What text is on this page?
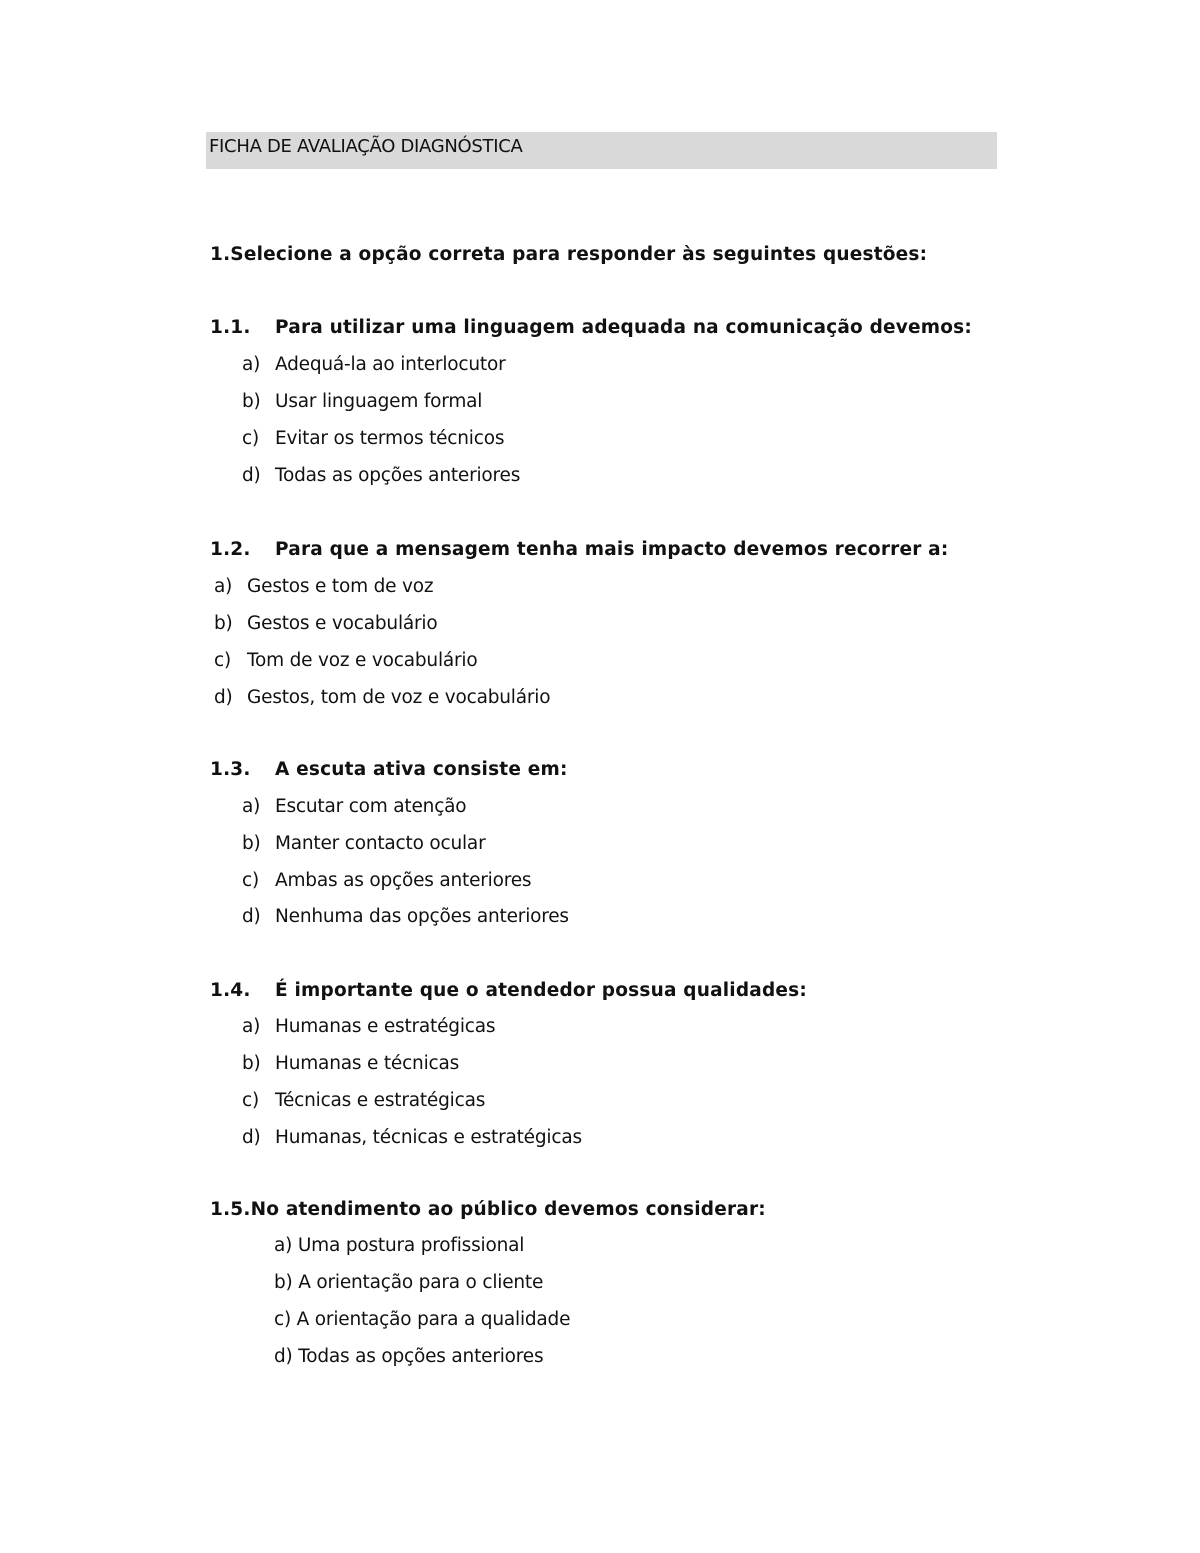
FICHA DE AVALIAÇÃO DIAGNÓSTICA
1.Selecione a opção correta para responder às seguintes questões:
1.1. Para utilizar uma linguagem adequada na comunicação devemos:
a) Adequá-la ao interlocutor
b) Usar linguagem formal
c) Evitar os termos técnicos
d) Todas as opções anteriores
1.2. Para que a mensagem tenha mais impacto devemos recorrer a:
a) Gestos e tom de voz
b) Gestos e vocabulário
c) Tom de voz e vocabulário
d) Gestos, tom de voz e vocabulário
1.3. A escuta ativa consiste em:
a) Escutar com atenção
b) Manter contacto ocular
c) Ambas as opções anteriores
d) Nenhuma das opções anteriores
1.4. É importante que o atendedor possua qualidades:
a) Humanas e estratégicas
b) Humanas e técnicas
c) Técnicas e estratégicas
d) Humanas, técnicas e estratégicas
1.5.No atendimento ao público devemos considerar:
a) Uma postura profissional
b) A orientação para o cliente
c) A orientação para a qualidade
d) Todas as opções anteriores
